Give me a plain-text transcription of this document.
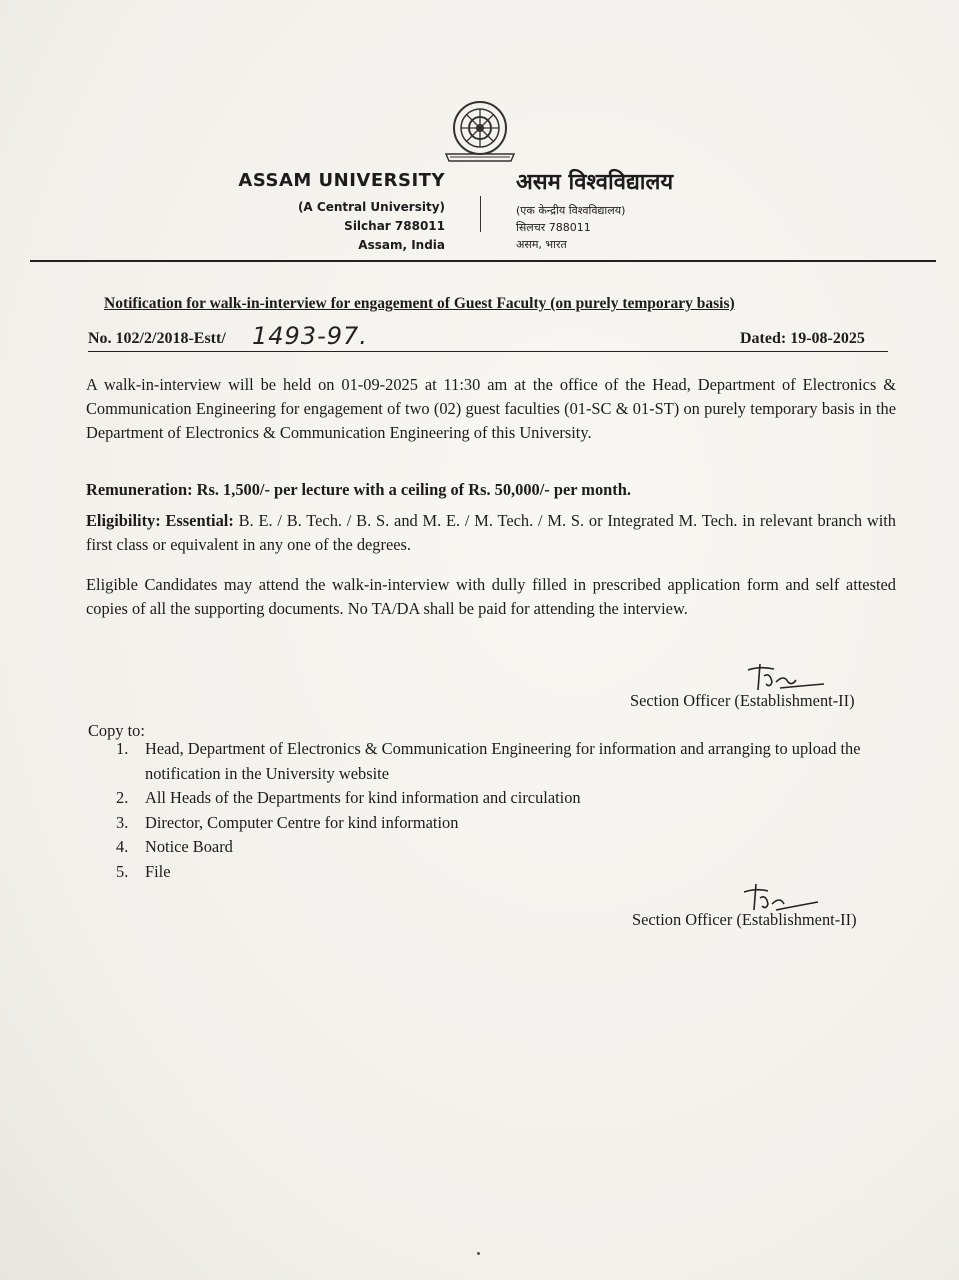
ASSAM UNIVERSITY
(A Central University)
Silchar 788011
Assam, India
असम विश्वविद्यालय
(एक केन्द्रीय विश्वविद्यालय)
सिलचर 788011
असम, भारत
Notification for walk-in-interview for engagement of Guest Faculty (on purely temporary basis)
No. 102/2/2018-Estt/ 1493-97.	Dated: 19-08-2025
A walk-in-interview will be held on 01-09-2025 at 11:30 am at the office of the Head, Department of Electronics & Communication Engineering for engagement of two (02) guest faculties (01-SC & 01-ST) on purely temporary basis in the Department of Electronics & Communication Engineering of this University.
Remuneration: Rs. 1,500/- per lecture with a ceiling of Rs. 50,000/- per month.
Eligibility: Essential: B. E. / B. Tech. / B. S. and M. E. / M. Tech. / M. S. or Integrated M. Tech. in relevant branch with first class or equivalent in any one of the degrees.
Eligible Candidates may attend the walk-in-interview with dully filled in prescribed application form and self attested copies of all the supporting documents. No TA/DA shall be paid for attending the interview.
Section Officer (Establishment-II)
Copy to:
1.	Head, Department of Electronics & Communication Engineering for information and arranging to upload the notification in the University website
2.	All Heads of the Departments for kind information and circulation
3.	Director, Computer Centre for kind information
4.	Notice Board
5.	File
Section Officer (Establishment-II)
